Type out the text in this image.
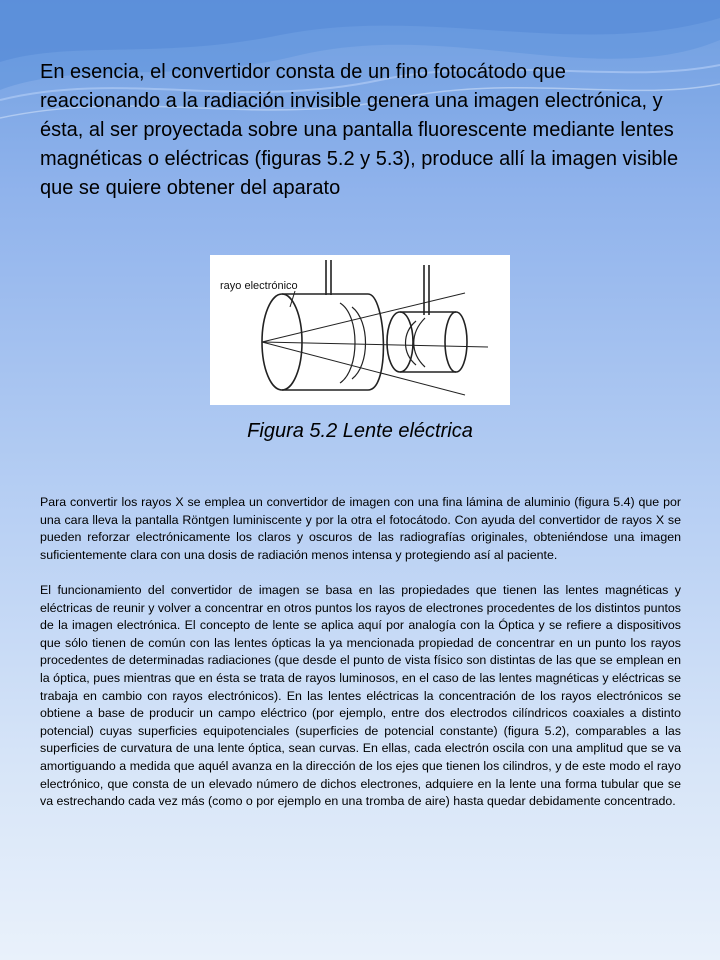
En esencia, el convertidor consta de un fino fotocátodo que reaccionando a la radiación invisible genera una imagen electrónica, y ésta, al ser proyectada sobre una pantalla fluorescente mediante lentes magnéticas o eléctricas (figuras 5.2 y 5.3), produce allí la imagen visible que se quiere obtener del aparato
rayo electrónico
Figura 5.2 Lente eléctrica

Para convertir los rayos X se emplea un convertidor de imagen con una fina lámina de aluminio (figura 5.4) que por una cara lleva la pantalla Röntgen luminiscente y por la otra el fotocátodo. Con ayuda del convertidor de rayos X se pueden reforzar electrónicamente los claros y oscuros de las radiografías originales, obteniéndose una imagen suficientemente clara con una dosis de radiación menos intensa y protegiendo así al paciente.

El funcionamiento del convertidor de imagen se basa en las propiedades que tienen las lentes magnéticas y eléctricas de reunir y volver a concentrar en otros puntos los rayos de electrones procedentes de los distintos puntos de la imagen electrónica. El concepto de lente se aplica aquí por analogía con la Óptica y se refiere a dispositivos que sólo tienen de común con las lentes ópticas la ya mencionada propiedad de concentrar en un punto los rayos procedentes de determinadas radiaciones (que desde el punto de vista físico son distintas de las que se emplean en la óptica, pues mientras que en ésta se trata de rayos luminosos, en el caso de las lentes magnéticas y eléctricas se trabaja en cambio con rayos electrónicos). En las lentes eléctricas la concentración de los rayos electrónicos se obtiene a base de producir un campo eléctrico (por ejemplo, entre dos electrodos cilíndricos coaxiales a distinto potencial) cuyas superficies equipotenciales (superficies de potencial constante) (figura 5.2), comparables a las superficies de curvatura de una lente óptica, sean curvas. En ellas, cada electrón oscila con una amplitud que se va amortiguando a medida que aquél avanza en la dirección de los ejes que tienen los cilindros, y de este modo el rayo electrónico, que consta de un elevado número de dichos electrones, adquiere en la lente una forma tubular que se va estrechando cada vez más (como o por ejemplo en una tromba de aire) hasta quedar debidamente concentrado.
